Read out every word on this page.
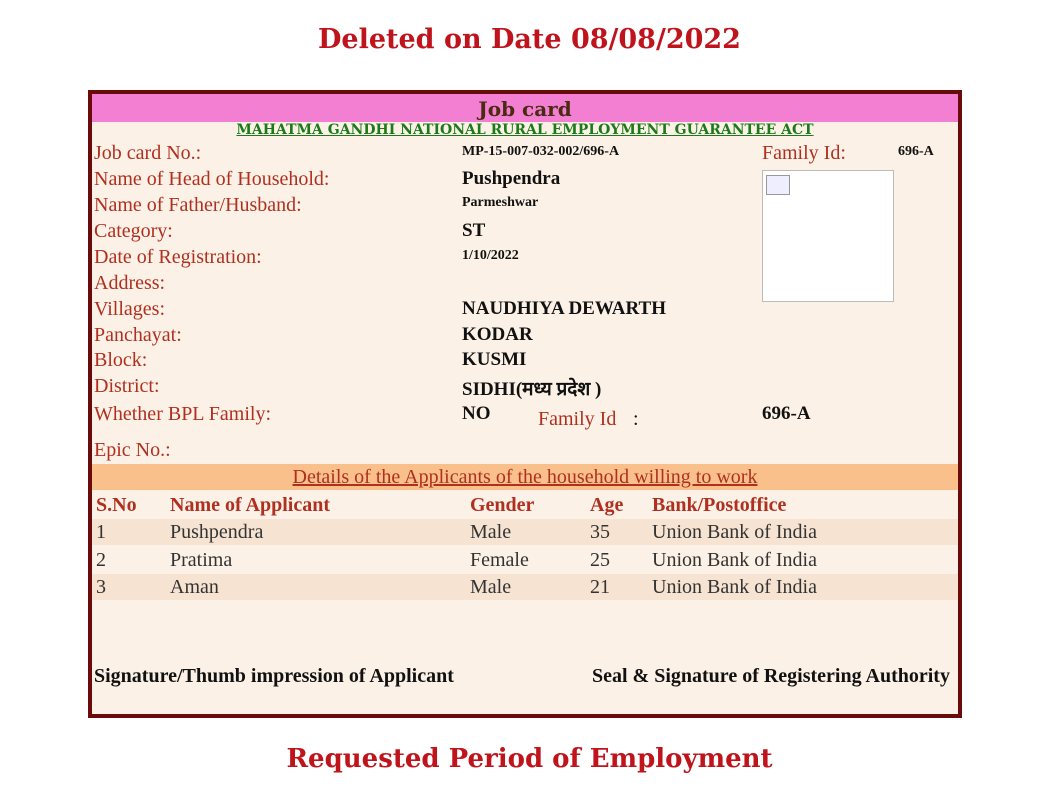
Deleted on Date 08/08/2022
Job card
MAHATMA GANDHI NATIONAL RURAL EMPLOYMENT GUARANTEE ACT
Job card No.:	MP-15-007-032-002/696-A	Family Id:	696-A
Name of Head of Household:	Pushpendra
Name of Father/Husband:	Parmeshwar
Category:	ST
Date of Registration:	1/10/2022
Address:
Villages:	NAUDHIYA DEWARTH
Panchayat:	KODAR
Block:	KUSMI
District:	SIDHI(मध्य प्रदेश )
Whether BPL Family:	NO Family Id :	696-A
Epic No.:
Details of the Applicants of the household willing to work
S.No Name of Applicant	Gender	Age Bank/Postoffice
1	Pushpendra	Male	35 Union Bank of India
2	Pratima	Female	25 Union Bank of India
3	Aman	Male	21 Union Bank of India
Signature/Thumb impression of Applicant	Seal & Signature of Registering Authority
Requested Period of Employment
